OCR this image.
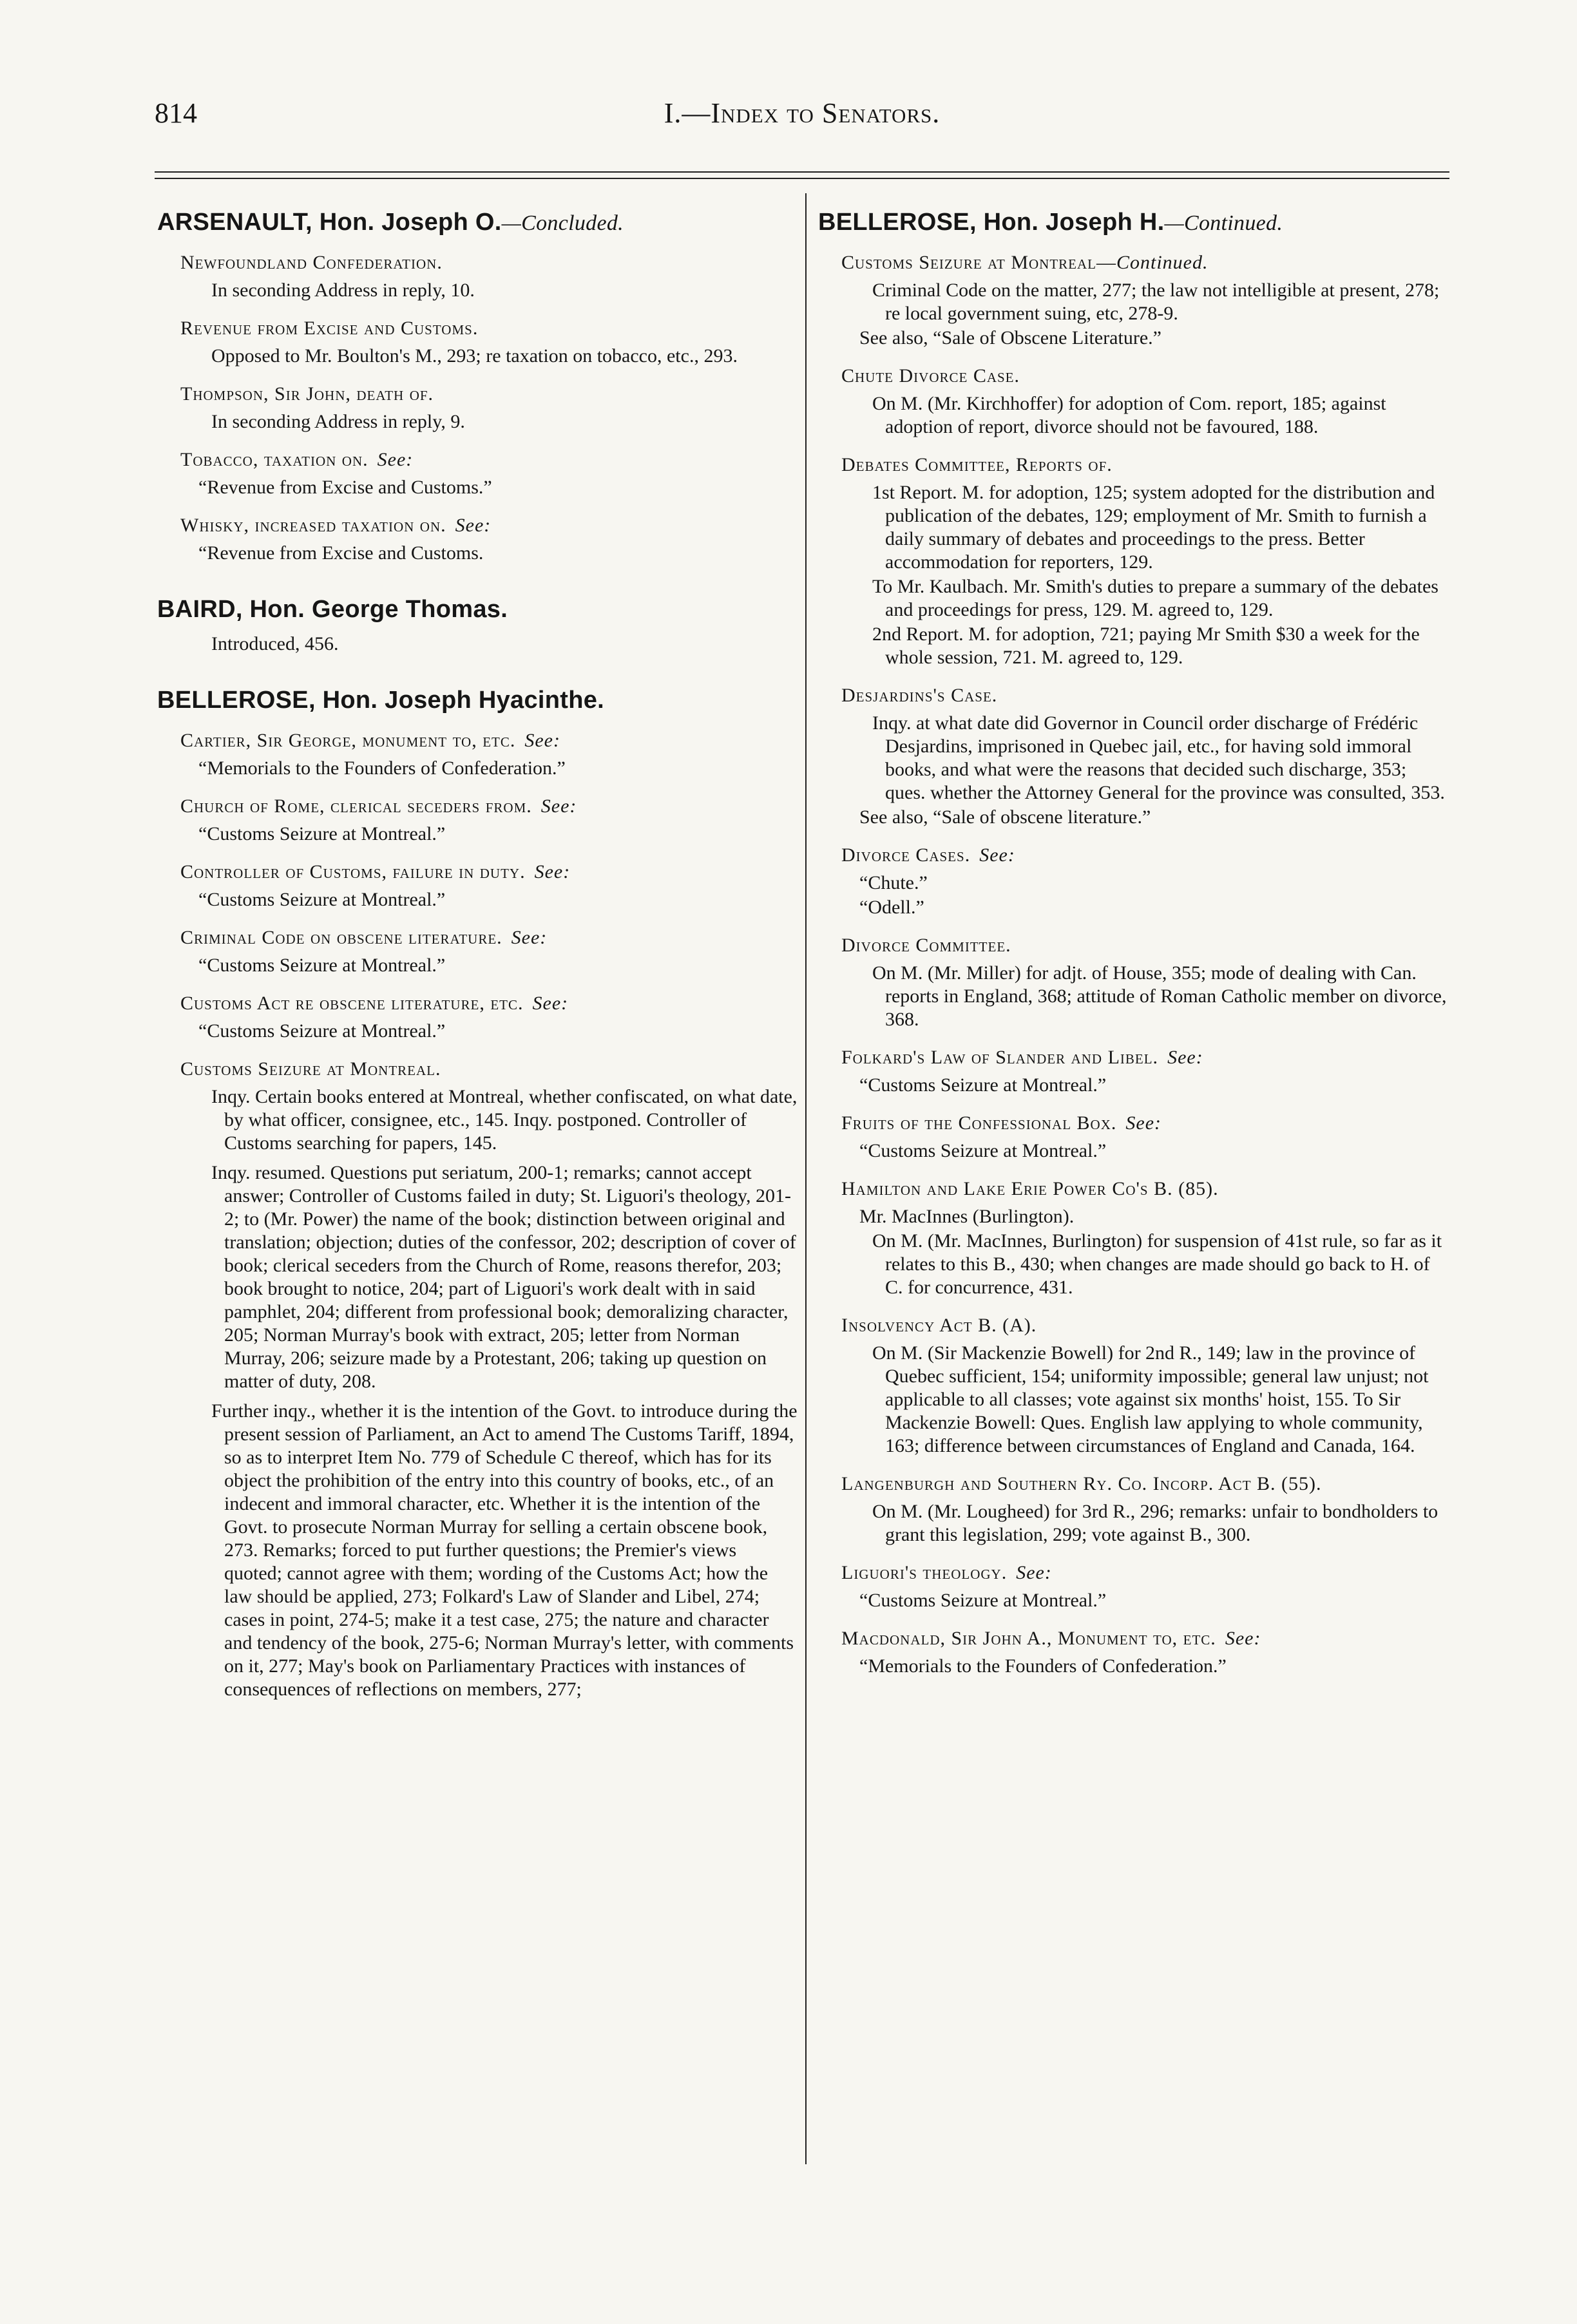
814	I.—Index to Senators.
ARSENAULT, Hon. Joseph O.—Concluded.
Newfoundland Confederation.
In seconding Address in reply, 10.
Revenue from Excise and Customs.
Opposed to Mr. Boulton's M., 293; re taxation on tobacco, etc., 293.
Thompson, Sir John, death of.
In seconding Address in reply, 9.
Tobacco, taxation on. See:
“Revenue from Excise and Customs.”
Whisky, increased taxation on. See:
“Revenue from Excise and Customs.
BAIRD, Hon. George Thomas.
Introduced, 456.
BELLEROSE, Hon. Joseph Hyacinthe.
Cartier, Sir George, monument to, etc. See:
“Memorials to the Founders of Confederation.”
Church of Rome, clerical seceders from. See:
“Customs Seizure at Montreal.”
Controller of Customs, failure in duty. See:
“Customs Seizure at Montreal.”
Criminal Code on obscene literature. See:
“Customs Seizure at Montreal.”
Customs Act re obscene literature, etc. See:
“Customs Seizure at Montreal.”
Customs Seizure at Montreal.
Inqy. Certain books entered at Montreal, whether confiscated, on what date, by what officer, consignee, etc., 145. Inqy. postponed. Controller of Customs searching for papers, 145.
Inqy. resumed. Questions put seriatum, 200-1; remarks; cannot accept answer; Controller of Customs failed in duty; St. Liguori's theology, 201-2; to (Mr. Power) the name of the book; distinction between original and translation; objection; duties of the confessor, 202; description of cover of book; clerical seceders from the Church of Rome, reasons therefor, 203; book brought to notice, 204; part of Liguori's work dealt with in said pamphlet, 204; different from professional book; demoralizing character, 205; Norman Murray's book with extract, 205; letter from Norman Murray, 206; seizure made by a Protestant, 206; taking up question on matter of duty, 208.
Further inqy., whether it is the intention of the Govt. to introduce during the present session of Parliament, an Act to amend The Customs Tariff, 1894, so as to interpret Item No. 779 of Schedule C thereof, which has for its object the prohibition of the entry into this country of books, etc., of an indecent and immoral character, etc. Whether it is the intention of the Govt. to prosecute Norman Murray for selling a certain obscene book, 273. Remarks; forced to put further questions; the Premier's views quoted; cannot agree with them; wording of the Customs Act; how the law should be applied, 273; Folkard's Law of Slander and Libel, 274; cases in point, 274-5; make it a test case, 275; the nature and character and tendency of the book, 275-6; Norman Murray's letter, with comments on it, 277; May's book on Parliamentary Practices with instances of consequences of reflections on members, 277;
BELLEROSE, Hon. Joseph H.—Continued.
Customs Seizure at Montreal—Continued.
Criminal Code on the matter, 277; the law not intelligible at present, 278; re local government suing, etc, 278-9.
See also, “Sale of Obscene Literature.”
Chute Divorce Case.
On M. (Mr. Kirchhoffer) for adoption of Com. report, 185; against adoption of report, divorce should not be favoured, 188.
Debates Committee, Reports of.
1st Report. M. for adoption, 125; system adopted for the distribution and publication of the debates, 129; employment of Mr. Smith to furnish a daily summary of debates and proceedings to the press. Better accommodation for reporters, 129.
To Mr. Kaulbach. Mr. Smith's duties to prepare a summary of the debates and proceedings for press, 129. M. agreed to, 129.
2nd Report. M. for adoption, 721; paying Mr Smith $30 a week for the whole session, 721. M. agreed to, 129.
Desjardins's Case.
Inqy. at what date did Governor in Council order discharge of Frédéric Desjardins, imprisoned in Quebec jail, etc., for having sold immoral books, and what were the reasons that decided such discharge, 353; ques. whether the Attorney General for the province was consulted, 353.
See also, “Sale of obscene literature.”
Divorce Cases. See:
“Chute.”
“Odell.”
Divorce Committee.
On M. (Mr. Miller) for adjt. of House, 355; mode of dealing with Can. reports in England, 368; attitude of Roman Catholic member on divorce, 368.
Folkard's Law of Slander and Libel. See:
“Customs Seizure at Montreal.”
Fruits of the Confessional Box. See:
“Customs Seizure at Montreal.”
Hamilton and Lake Erie Power Co's B. (85).
Mr. MacInnes (Burlington).
On M. (Mr. MacInnes, Burlington) for suspension of 41st rule, so far as it relates to this B., 430; when changes are made should go back to H. of C. for concurrence, 431.
Insolvency Act B. (A).
On M. (Sir Mackenzie Bowell) for 2nd R., 149; law in the province of Quebec sufficient, 154; uniformity impossible; general law unjust; not applicable to all classes; vote against six months' hoist, 155. To Sir Mackenzie Bowell: Ques. English law applying to whole community, 163; difference between circumstances of England and Canada, 164.
Langenburgh and Southern Ry. Co. Incorp. Act B. (55).
On M. (Mr. Lougheed) for 3rd R., 296; remarks: unfair to bondholders to grant this legislation, 299; vote against B., 300.
Liguori's theology. See:
“Customs Seizure at Montreal.”
Macdonald, Sir John A., Monument to, etc. See:
“Memorials to the Founders of Confederation.”
